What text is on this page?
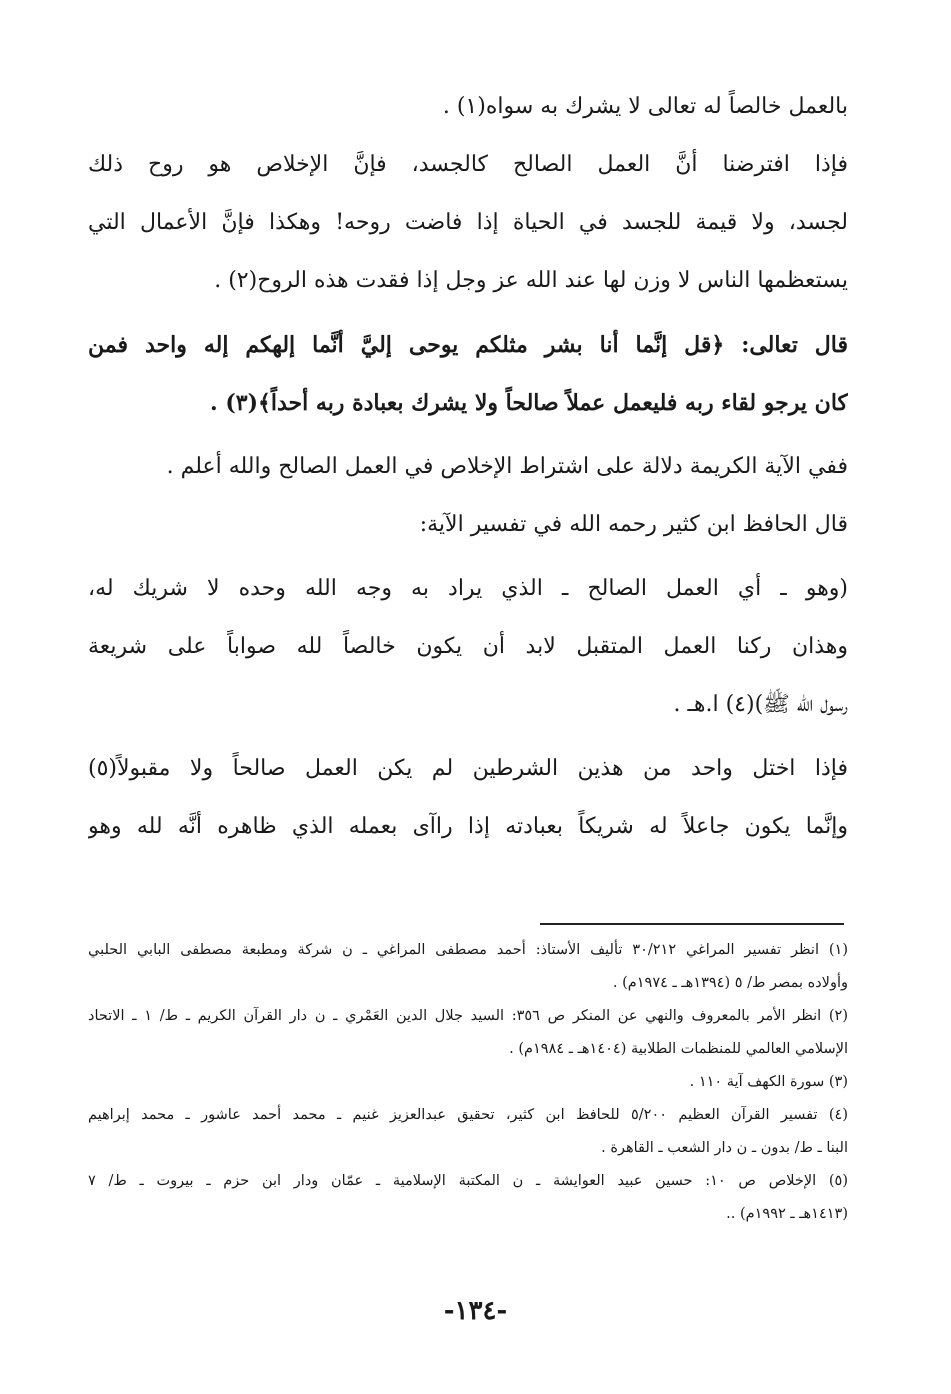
بالعمل خالصاً له تعالى لا يشرك به سواه(١) .
فإذا افترضنا أنَّ العمل الصالح كالجسد، فإنَّ الإخلاص هو روح ذلك
لجسد، ولا قيمة للجسد في الحياة إذا فاضت روحه! وهكذا فإنَّ الأعمال التي
يستعظمها الناس لا وزن لها عند الله عز وجل إذا فقدت هذه الروح(٢) .
قال تعالى: ﴿قل إنَّما أنا بشر مثلكم يوحى إليَّ أنَّما إلهكم إله واحد فمن
كان يرجو لقاء ربه فليعمل عملاً صالحاً ولا يشرك بعبادة ربه أحداً﴾(٣) .
ففي الآية الكريمة دلالة على اشتراط الإخلاص في العمل الصالح والله أعلم .
قال الحافظ ابن كثير رحمه الله في تفسير الآية:
(وهو ـ أي العمل الصالح ـ الذي يراد به وجه الله وحده لا شريك له،
وهذان ركنا العمل المتقبل لابد أن يكون خالصاً لله صواباً على شريعة
رسول الله ﷺ)(٤) ا.هـ .
فإذا اختل واحد من هذين الشرطين لم يكن العمل صالحاً ولا مقبولاً(٥)
وإنَّما يكون جاعلاً له شريكاً بعبادته إذا راآى بعمله الذي ظاهره أنَّه لله وهو
(١) انظر تفسير المراغي ٣٠/٢١٢ تأليف الأستاذ: أحمد مصطفى المراغي ـ ن شركة ومطبعة مصطفى البابي الحلبي
وأولاده بمصر ط/ ٥ (١٣٩٤هـ ـ ١٩٧٤م) .
(٢) انظر الأمر بالمعروف والنهي عن المنكر ص ٣٥٦: السيد جلال الدين العَمْري ـ ن دار القرآن الكريم ـ ط/ ١ ـ الاتحاد
الإسلامي العالمي للمنظمات الطلابية (١٤٠٤هـ ـ ١٩٨٤م) .
(٣) سورة الكهف آية ١١٠ .
(٤) تفسير القرآن العظيم ٥/٢٠٠ للحافظ ابن كثير، تحقيق عبدالعزيز غنيم ـ محمد أحمد عاشور ـ محمد إبراهيم
البنا ـ ط/ بدون ـ ن دار الشعب ـ القاهرة .
(٥) الإخلاص ص ١٠: حسين عبيد العوايشة ـ ن المكتبة الإسلامية ـ عمّان ودار ابن حزم ـ بيروت ـ ط/ ٧
(١٤١٣هـ ـ ١٩٩٢م) ..
-١٣٤-
